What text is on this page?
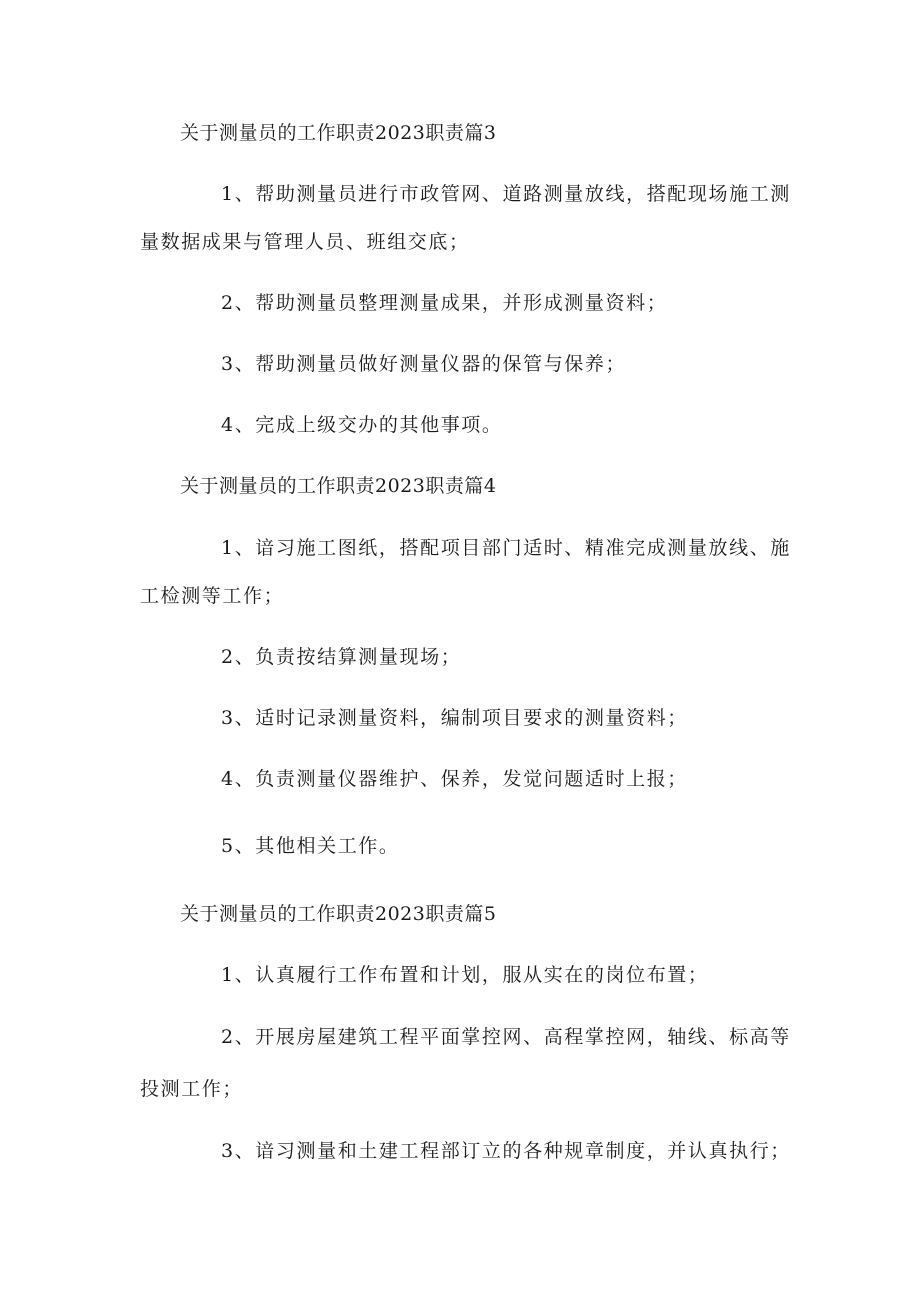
关于测量员的工作职责2023职责篇3
1、帮助测量员进行市政管网、道路测量放线，搭配现场施工测
量数据成果与管理人员、班组交底；
2、帮助测量员整理测量成果，并形成测量资料；
3、帮助测量员做好测量仪器的保管与保养；
4、完成上级交办的其他事项。
关于测量员的工作职责2023职责篇4
1、谙习施工图纸，搭配项目部门适时、精准完成测量放线、施
工检测等工作；
2、负责按结算测量现场；
3、适时记录测量资料，编制项目要求的测量资料；
4、负责测量仪器维护、保养，发觉问题适时上报；
5、其他相关工作。
关于测量员的工作职责2023职责篇5
1、认真履行工作布置和计划，服从实在的岗位布置；
2、开展房屋建筑工程平面掌控网、高程掌控网，轴线、标高等
投测工作；
3、谙习测量和土建工程部订立的各种规章制度，并认真执行；
